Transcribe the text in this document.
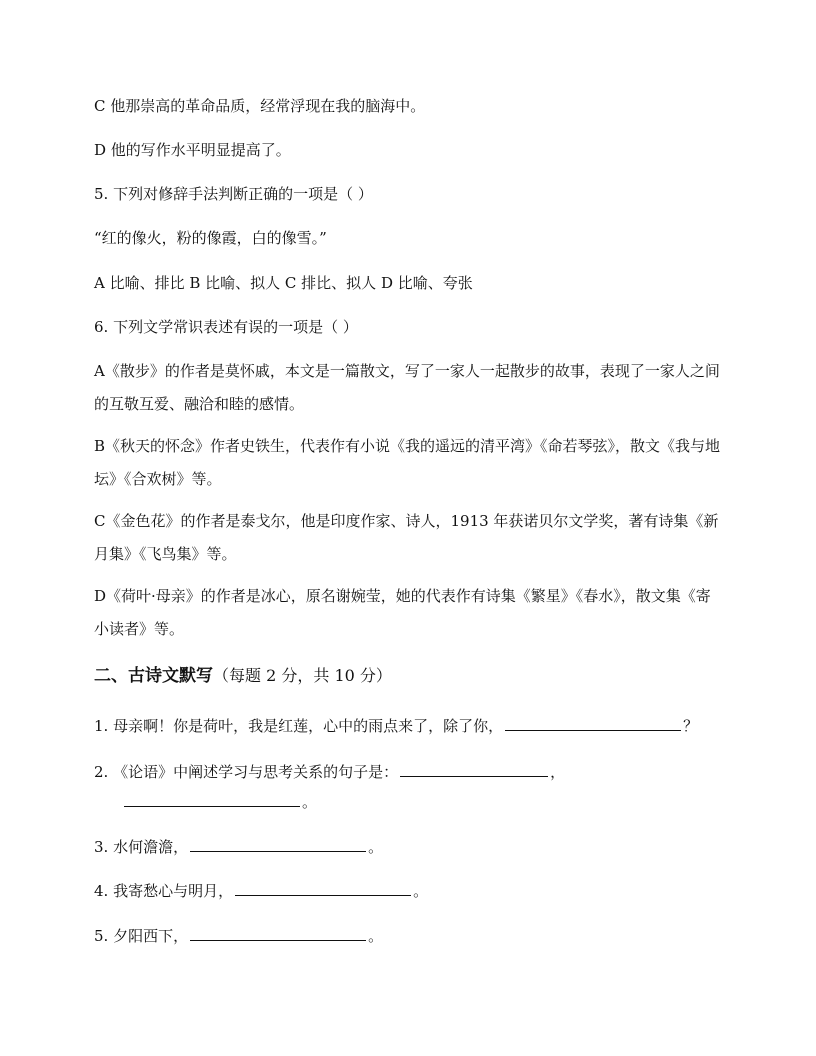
C 他那崇高的革命品质，经常浮现在我的脑海中。
D 他的写作水平明显提高了。
5. 下列对修辞手法判断正确的一项是（ ）
“红的像火，粉的像霞，白的像雪。”
A 比喻、排比 B 比喻、拟人 C 排比、拟人 D 比喻、夸张
6. 下列文学常识表述有误的一项是（ ）
A《散步》的作者是莫怀戚，本文是一篇散文，写了一家人一起散步的故事，表现了一家人之间的互敬互爱、融洽和睦的感情。
B《秋天的怀念》作者史铁生，代表作有小说《我的遥远的清平湾》《命若琴弦》，散文《我与地坛》《合欢树》等。
C《金色花》的作者是泰戈尔，他是印度作家、诗人，1913 年获诺贝尔文学奖，著有诗集《新月集》《飞鸟集》等。
D《荷叶·母亲》的作者是冰心，原名谢婉莹，她的代表作有诗集《繁星》《春水》，散文集《寄小读者》等。
二、古诗文默写（每题 2 分，共 10 分）
1. 母亲啊！你是荷叶，我是红莲，心中的雨点来了，除了你，	？
2. 《论语》中阐述学习与思考关系的句子是：	，
。
3. 水何澹澹，	。
4. 我寄愁心与明月，	。
5. 夕阳西下，	。
